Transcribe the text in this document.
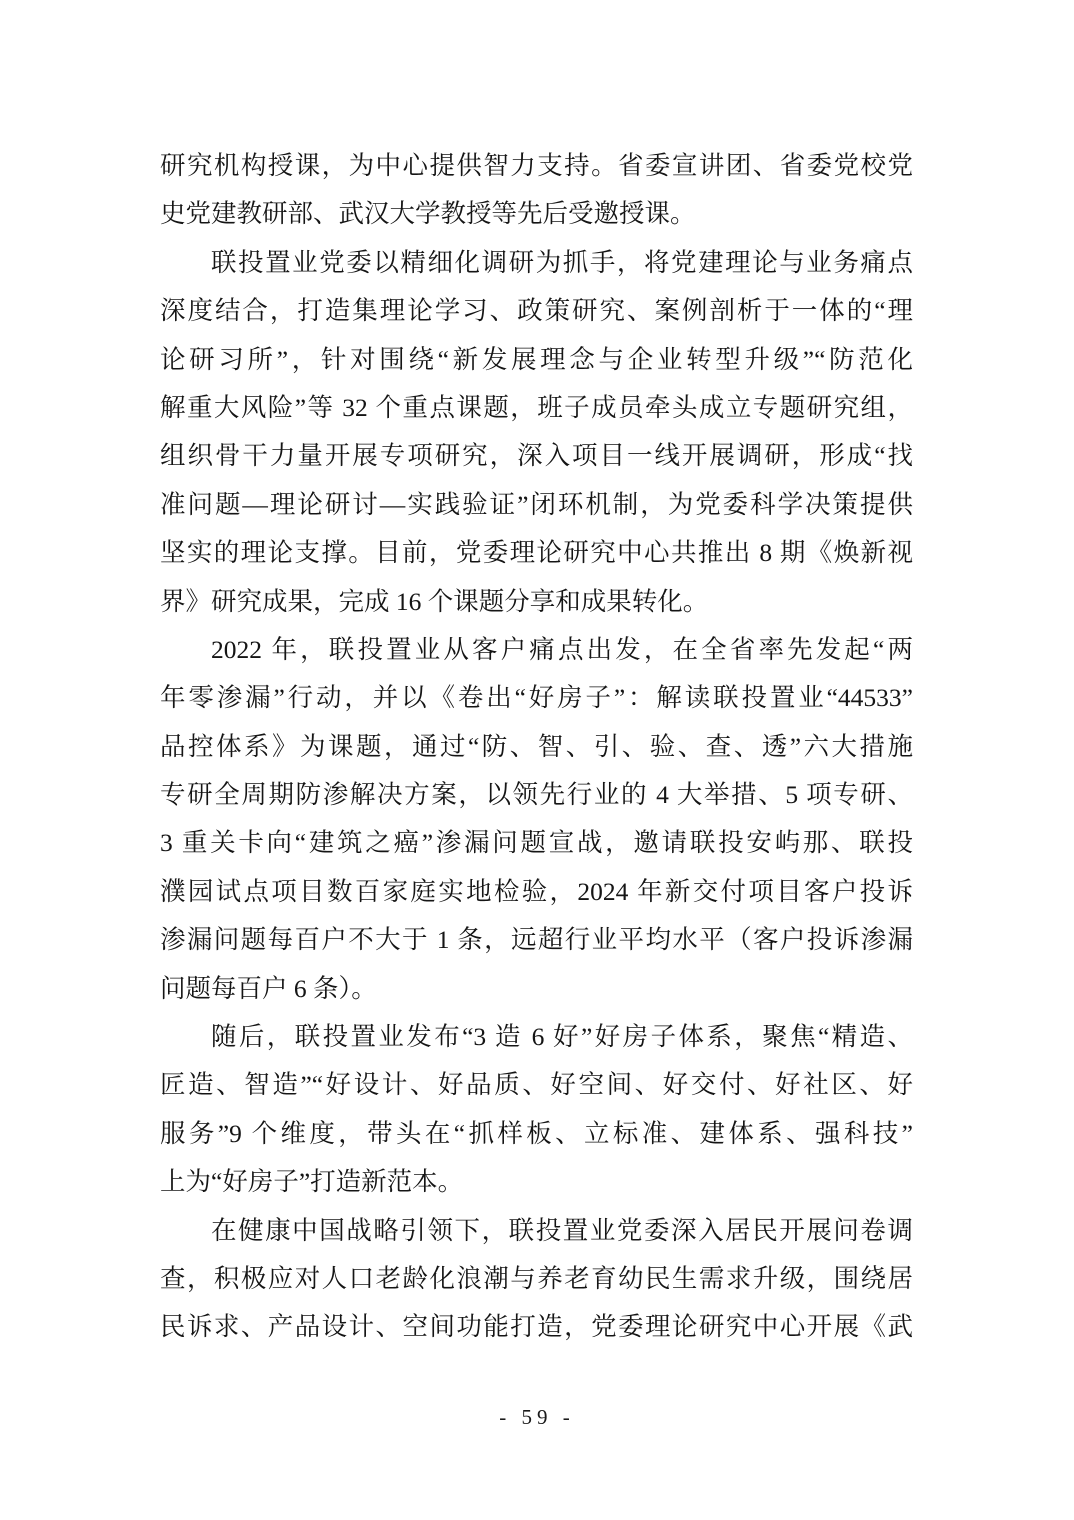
研究机构授课，为中心提供智力支持。省委宣讲团、省委党校党
史党建教研部、武汉大学教授等先后受邀授课。
联投置业党委以精细化调研为抓手，将党建理论与业务痛点
深度结合，打造集理论学习、政策研究、案例剖析于一体的“理
论研习所”，针对围绕“新发展理念与企业转型升级”“防范化
解重大风险”等 32 个重点课题，班子成员牵头成立专题研究组，
组织骨干力量开展专项研究，深入项目一线开展调研，形成“找
准问题—理论研讨—实践验证”闭环机制，为党委科学决策提供
坚实的理论支撑。目前，党委理论研究中心共推出 8 期《焕新视
界》研究成果，完成 16 个课题分享和成果转化。
2022 年，联投置业从客户痛点出发，在全省率先发起“两
年零渗漏”行动，并以《卷出“好房子”：解读联投置业“44533”
品控体系》为课题，通过“防、智、引、验、查、透”六大措施
专研全周期防渗解决方案，以领先行业的 4 大举措、5 项专研、
3 重关卡向“建筑之癌”渗漏问题宣战，邀请联投安屿那、联投
濮园试点项目数百家庭实地检验，2024 年新交付项目客户投诉
渗漏问题每百户不大于 1 条，远超行业平均水平（客户投诉渗漏
问题每百户 6 条）。
随后，联投置业发布“3 造 6 好”好房子体系，聚焦“精造、
匠造、智造”“好设计、好品质、好空间、好交付、好社区、好
服务”9 个维度，带头在“抓样板、立标准、建体系、强科技”
上为“好房子”打造新范本。
在健康中国战略引领下，联投置业党委深入居民开展问卷调
查，积极应对人口老龄化浪潮与养老育幼民生需求升级，围绕居
民诉求、产品设计、空间功能打造，党委理论研究中心开展《武
- 59 -
